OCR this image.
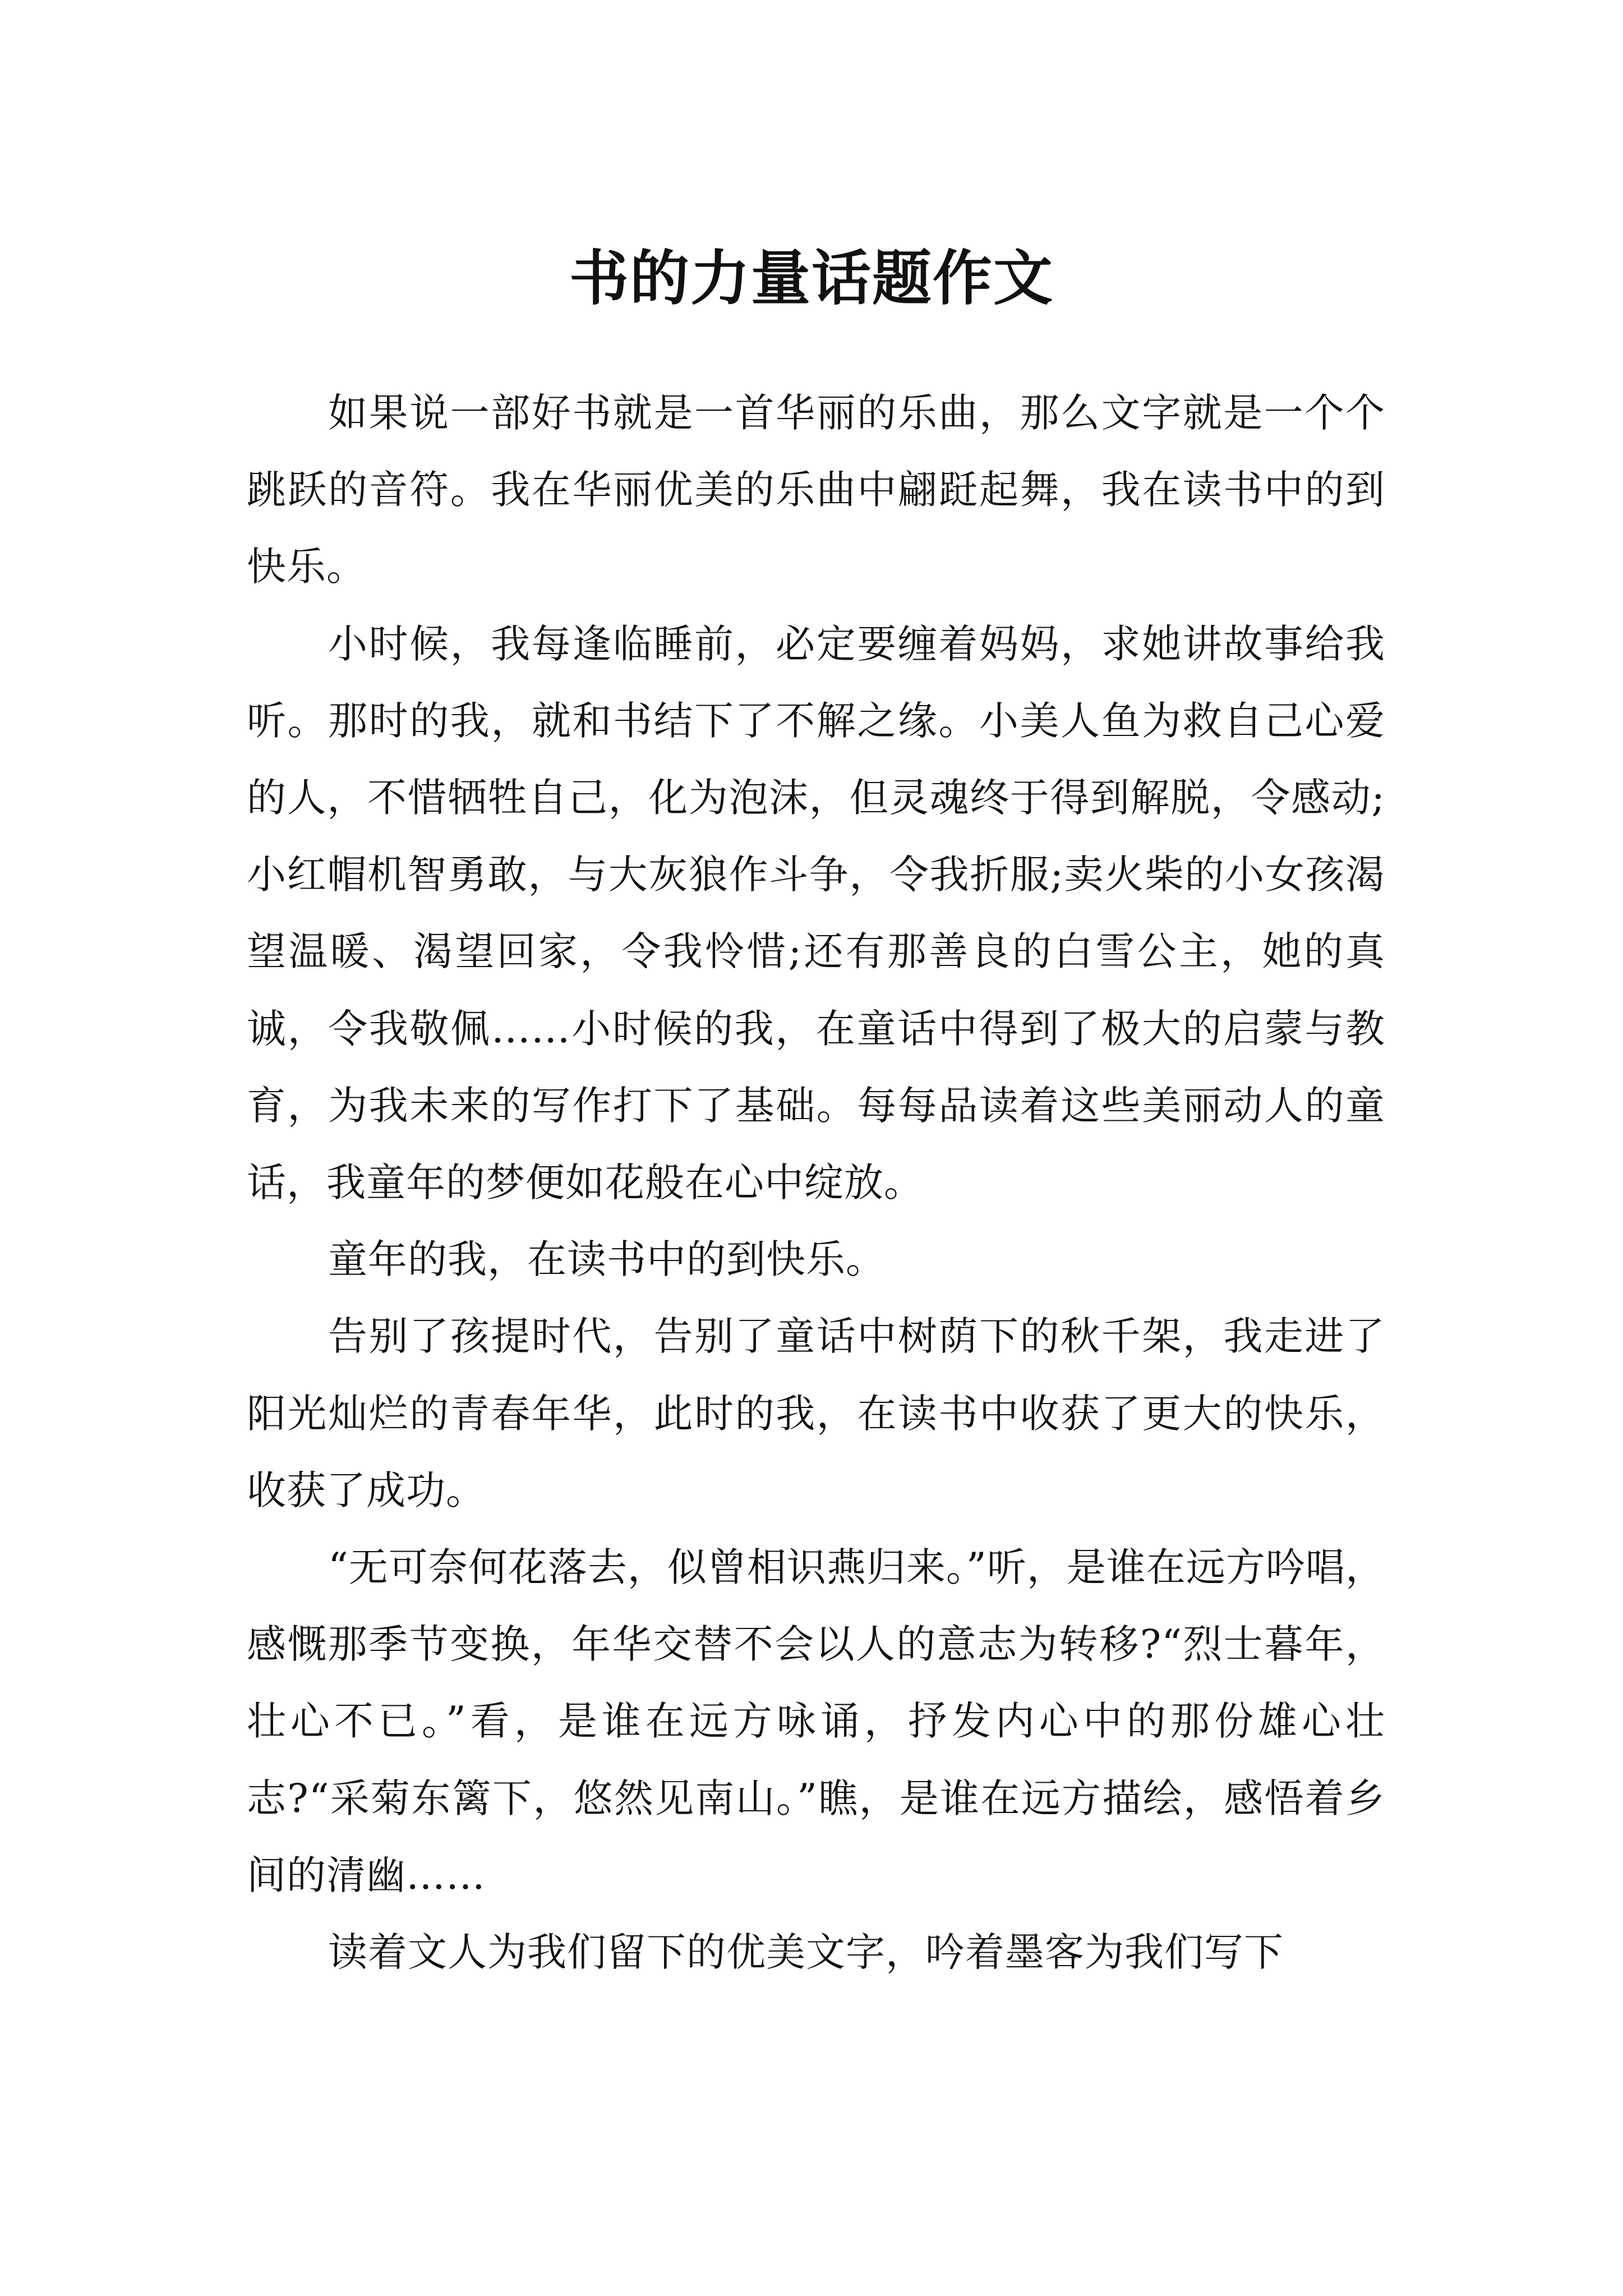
书的力量话题作文

如果说一部好书就是一首华丽的乐曲，那么文字就是一个个跳跃的音符。我在华丽优美的乐曲中翩跹起舞，我在读书中的到快乐。

小时候，我每逢临睡前，必定要缠着妈妈，求她讲故事给我听。那时的我，就和书结下了不解之缘。小美人鱼为救自己心爱的人，不惜牺牲自己，化为泡沫，但灵魂终于得到解脱，令感动;小红帽机智勇敢，与大灰狼作斗争，令我折服;卖火柴的小女孩渴望温暖、渴望回家，令我怜惜;还有那善良的白雪公主，她的真诚，令我敬佩……小时候的我，在童话中得到了极大的启蒙与教育，为我未来的写作打下了基础。每每品读着这些美丽动人的童话，我童年的梦便如花般在心中绽放。

童年的我，在读书中的到快乐。

告别了孩提时代，告别了童话中树荫下的秋千架，我走进了阳光灿烂的青春年华，此时的我，在读书中收获了更大的快乐，收获了成功。

“无可奈何花落去，似曾相识燕归来。”听，是谁在远方吟唱，感慨那季节变换，年华交替不会以人的意志为转移?“烈士暮年，壮心不已。”看，是谁在远方咏诵，抒发内心中的那份雄心壮志?“采菊东篱下，悠然见南山。”瞧，是谁在远方描绘，感悟着乡间的清幽……

读着文人为我们留下的优美文字，吟着墨客为我们写下
